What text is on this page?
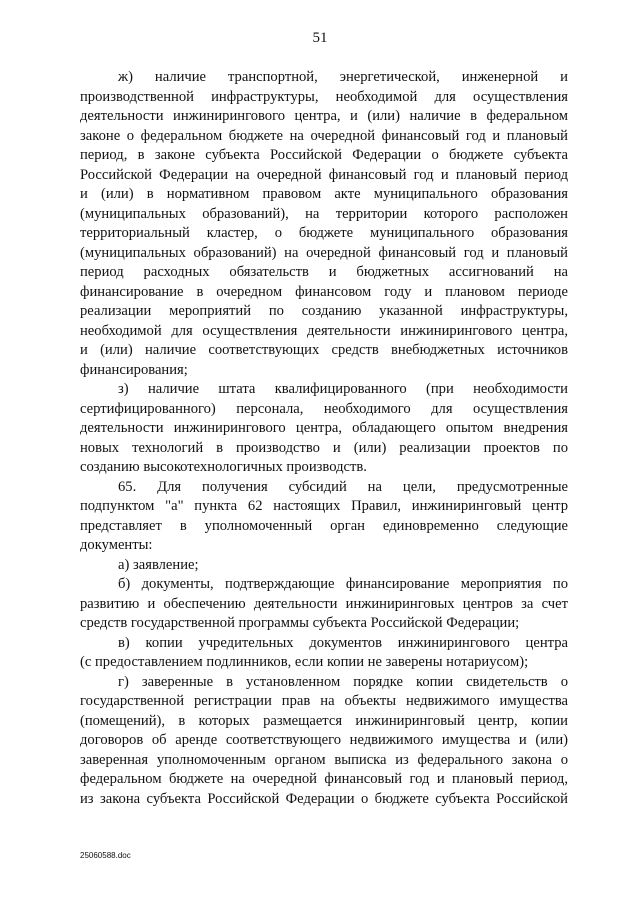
51
ж) наличие транспортной, энергетической, инженерной и
производственной инфраструктуры, необходимой для осуществления
деятельности инжинирингового центра, и (или) наличие в федеральном
законе о федеральном бюджете на очередной финансовый год и плановый
период, в законе субъекта Российской Федерации о бюджете субъекта
Российской Федерации на очередной финансовый год и плановый период
и (или) в нормативном правовом акте муниципального образования
(муниципальных образований), на территории которого расположен
территориальный кластер, о бюджете муниципального образования
(муниципальных образований) на очередной финансовый год и плановый
период расходных обязательств и бюджетных ассигнований на
финансирование в очередном финансовом году и плановом периоде
реализации мероприятий по созданию указанной инфраструктуры,
необходимой для осуществления деятельности инжинирингового центра,
и (или) наличие соответствующих средств внебюджетных источников
финансирования;
з) наличие штата квалифицированного (при необходимости
сертифицированного) персонала, необходимого для осуществления
деятельности инжинирингового центра, обладающего опытом внедрения
новых технологий в производство и (или) реализации проектов по
созданию высокотехнологичных производств.
65. Для получения субсидий на цели, предусмотренные
подпунктом "а" пункта 62 настоящих Правил, инжиниринговый центр
представляет в уполномоченный орган единовременно следующие
документы:
а) заявление;
б) документы, подтверждающие финансирование мероприятия по
развитию и обеспечению деятельности инжиниринговых центров за счет
средств государственной программы субъекта Российской Федерации;
в) копии учредительных документов инжинирингового центра
(с предоставлением подлинников, если копии не заверены нотариусом);
г) заверенные в установленном порядке копии свидетельств о
государственной регистрации прав на объекты недвижимого имущества
(помещений), в которых размещается инжиниринговый центр, копии
договоров об аренде соответствующего недвижимого имущества и (или)
заверенная уполномоченным органом выписка из федерального закона о
федеральном бюджете на очередной финансовый год и плановый период,
из закона субъекта Российской Федерации о бюджете субъекта Российской
25060588.doc
